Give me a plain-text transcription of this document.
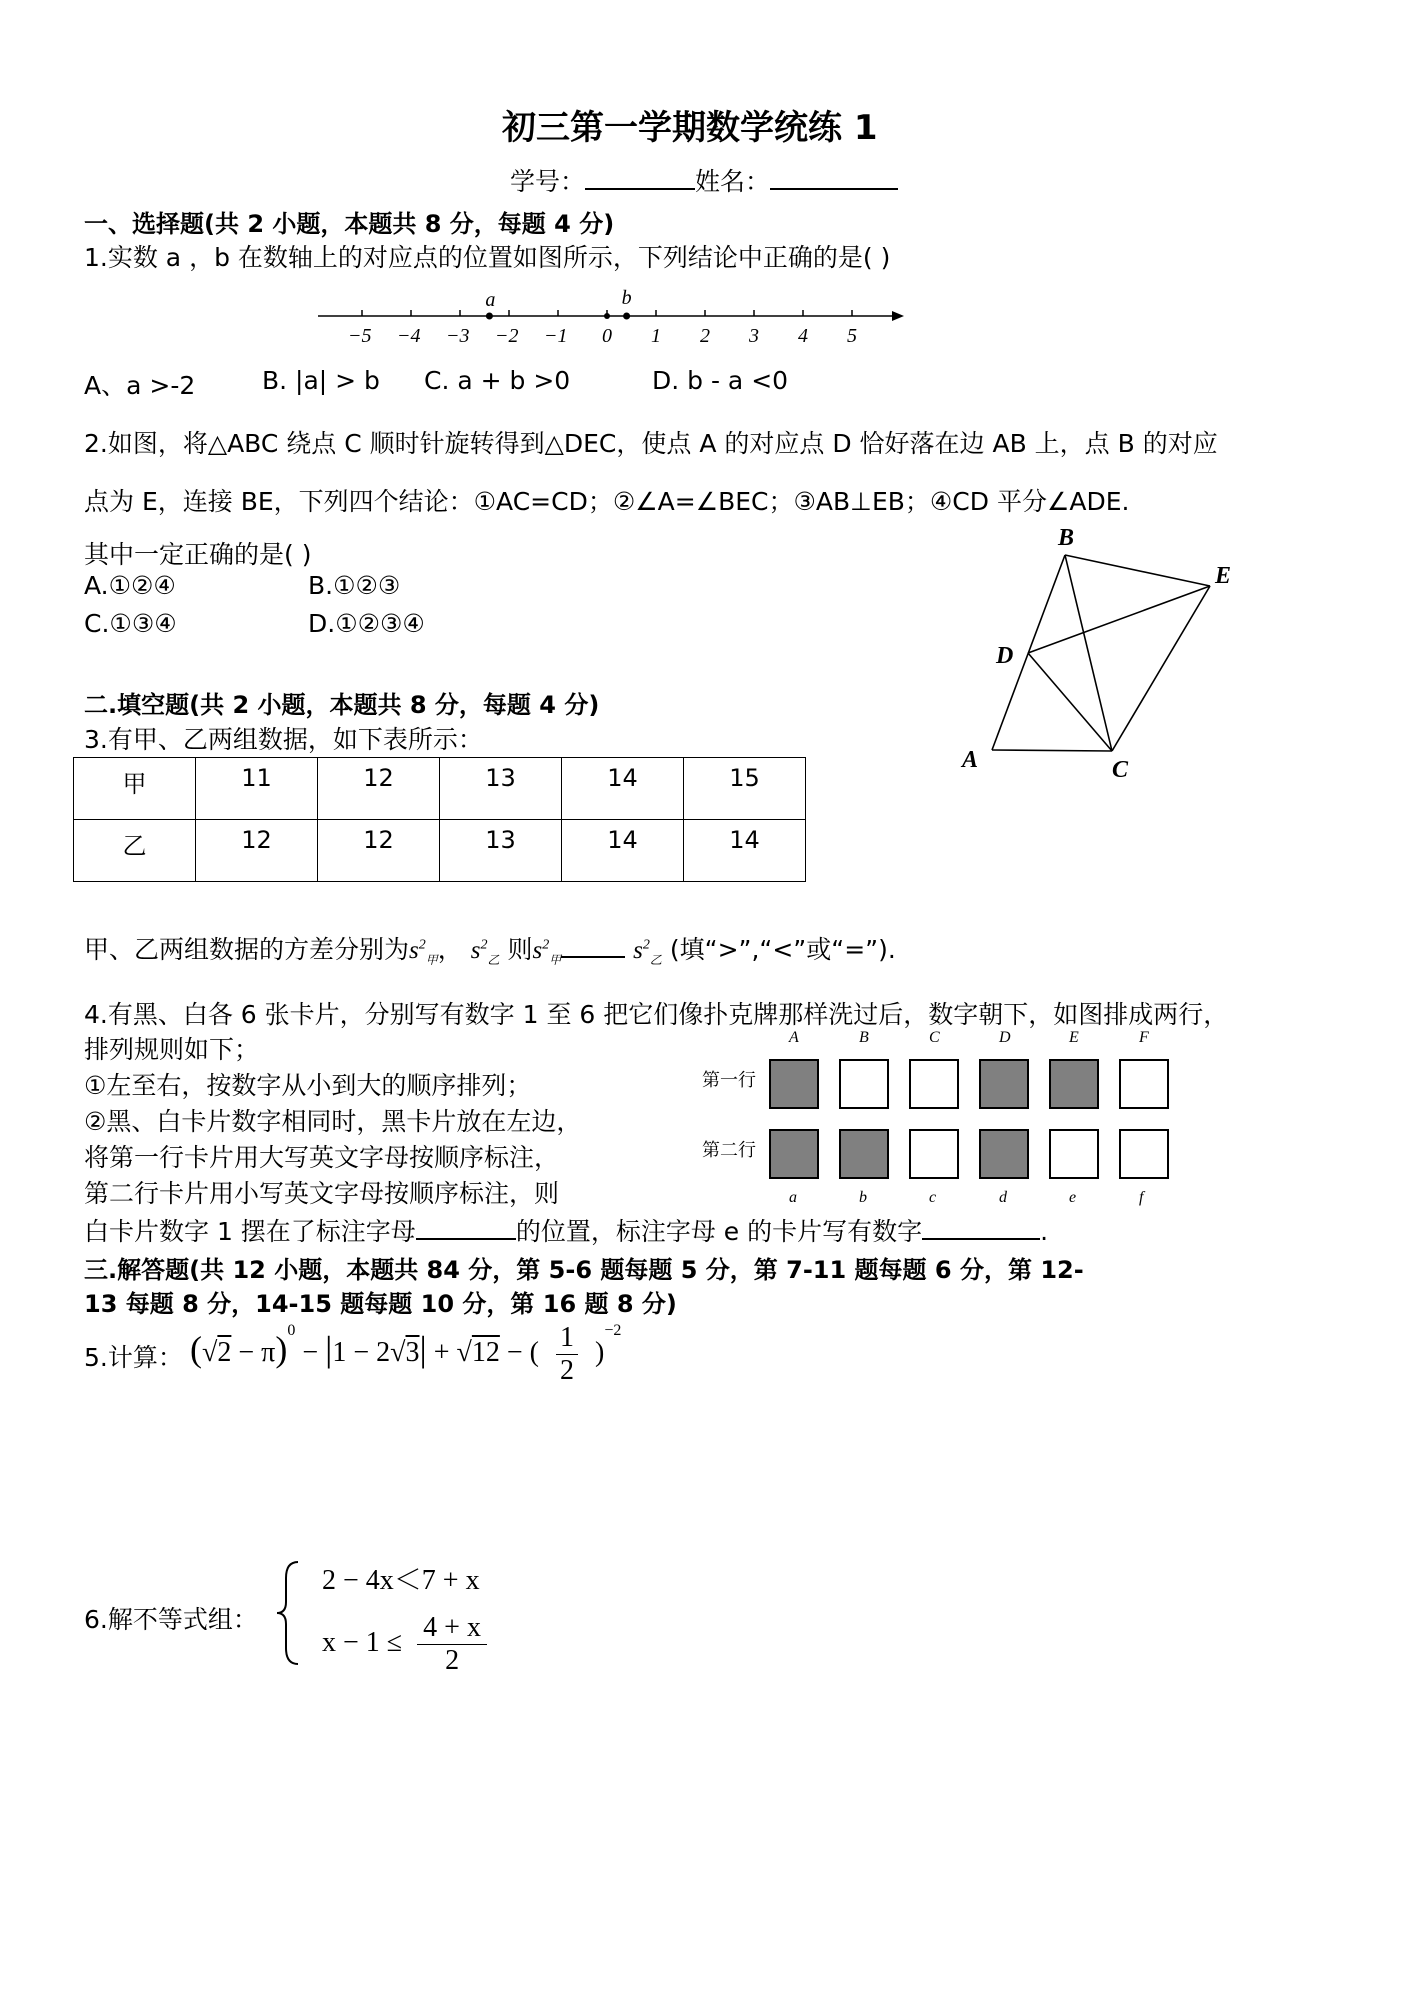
初三第一学期数学统练 1
学号：	姓名：
一、选择题(共 2 小题，本题共 8 分，每题 4 分)
1.实数 a ，b 在数轴上的对应点的位置如图所示，下列结论中正确的是( )
−5 −4 −3 −2 −1 0 1 2 3 4 5
a	b
A、a >-2	B. |a| > b C. a + b >0	D. b - a <0
2.如图，将△ABC 绕点 C 顺时针旋转得到△DEC，使点 A 的对应点 D 恰好落在边 AB 上，点 B 的对应
点为 E，连接 BE，下列四个结论：①AC=CD；②∠A=∠BEC；③AB⊥EB；④CD 平分∠ADE.
其中一定正确的是( )
A.①②④	B.①②③
C.①③④	D.①②③④
A
B
C
D
E
二.填空题(共 2 小题，本题共 8 分，每题 4 分)
3.有甲、乙两组数据，如下表所示：
甲	11	12	13	14	15
乙	12	12	13	14	14
甲、乙两组数据的方差分别为$s^2_甲$， $s^2_乙$ 则$s^2_甲$	$s^2_乙$ (填“>”,“<”或“=”).
4.有黑、白各 6 张卡片，分别写有数字 1 至 6 把它们像扑克牌那样洗过后，数字朝下，如图排成两行，
排列规则如下；
①左至右，按数字从小到大的顺序排列；
②黑、白卡片数字相同时，黑卡片放在左边，
将第一行卡片用大写英文字母按顺序标注，
第二行卡片用小写英文字母按顺序标注，则
白卡片数字 1 摆在了标注字母	的位置，标注字母 e 的卡片写有数字	.
第一行
第二行
A	B	C	D	E	F
a	b	c	d	e	f
三.解答题(共 12 小题，本题共 84 分，第 5-6 题每题 5 分，第 7-11 题每题 6 分，第 12-
13 每题 8 分，14-15 题每题 10 分，第 16 题 8 分)
5.计算： $(√2 - \pi)^0 - |1 - 2√3| + √12$ − ( $\frac{1}{2} )^{-2}$
6.解不等式组：
2 − 4x＜7 + x
$x - 1 \le \frac{4 + x}{2}$
